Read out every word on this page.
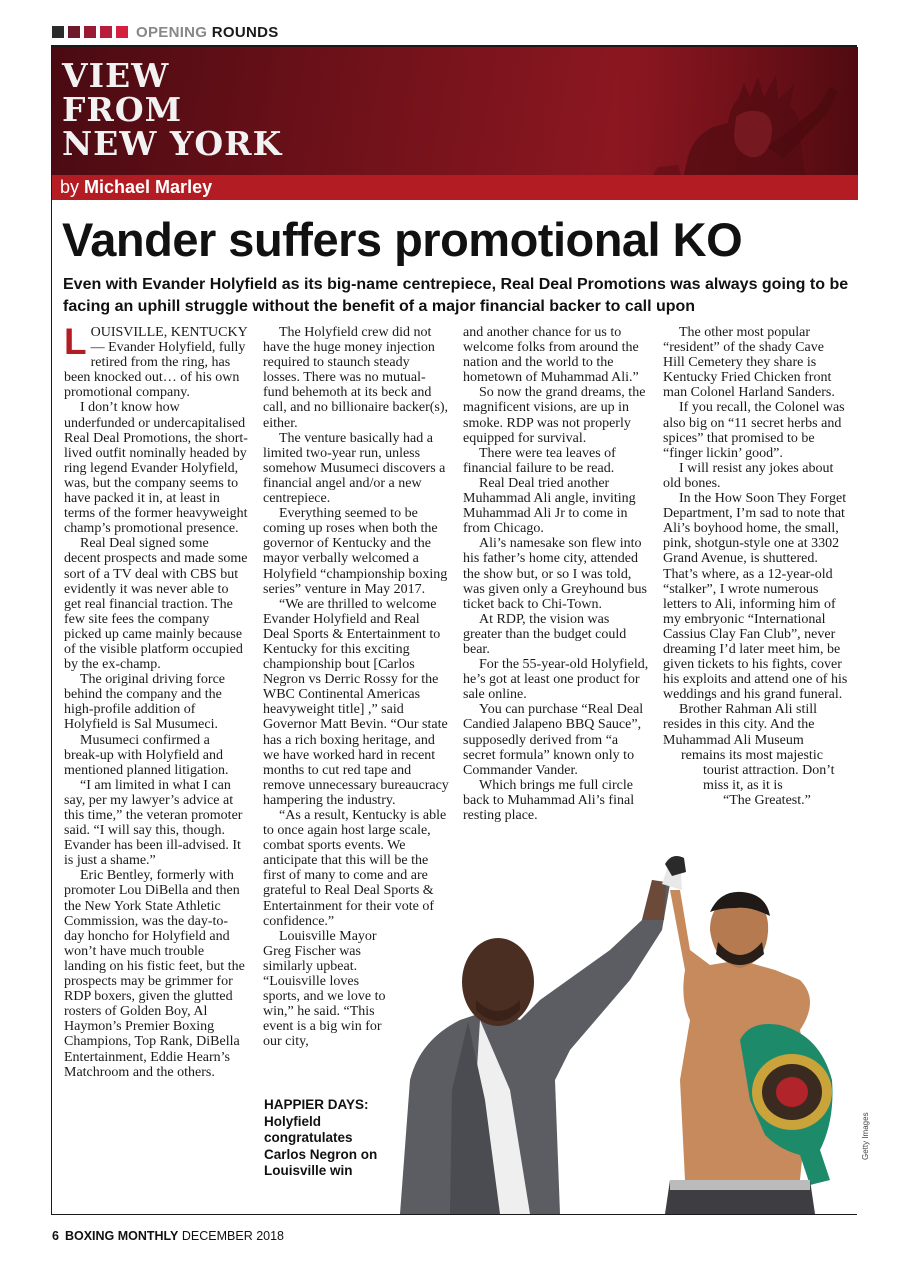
OPENING ROUNDS
VIEW
FROM
NEW YORK
by Michael Marley
Vander suffers promotional KO

Even with Evander Holyfield as its big-name centrepiece, Real Deal Promotions was always going to be facing an uphill struggle without the benefit of a major financial backer to call upon

LOUISVILLE, KENTUCKY — Evander Holyfield, fully retired from the ring, has been knocked out… of his own promotional company.

I don’t know how underfunded or undercapitalised Real Deal Promotions, the short-lived outfit nominally headed by ring legend Evander Holyfield, was, but the company seems to have packed it in, at least in terms of the former heavyweight champ’s promotional presence.

Real Deal signed some decent prospects and made some sort of a TV deal with CBS but evidently it was never able to get real financial traction. The few site fees the company picked up came mainly because of the visible platform occupied by the ex-champ.

The original driving force behind the company and the high-profile addition of Holyfield is Sal Musumeci.

Musumeci confirmed a break-up with Holyfield and mentioned planned litigation.

“I am limited in what I can say, per my lawyer’s advice at this time,” the veteran promoter said. “I will say this, though. Evander has been ill-advised. It is just a shame.”

Eric Bentley, formerly with promoter Lou DiBella and then the New York State Athletic Commission, was the day-to-day honcho for Holyfield and won’t have much trouble landing on his fistic feet, but the prospects may be grimmer for RDP boxers, given the glutted rosters of Golden Boy, Al Haymon’s Premier Boxing Champions, Top Rank, DiBella Entertainment, Eddie Hearn’s Matchroom and the others.

The Holyfield crew did not have the huge money injection required to staunch steady losses. There was no mutual-fund behemoth at its beck and call, and no billionaire backer(s), either.

The venture basically had a limited two-year run, unless somehow Musumeci discovers a financial angel and/or a new centrepiece.

Everything seemed to be coming up roses when both the governor of Kentucky and the mayor verbally welcomed a Holyfield “championship boxing series” venture in May 2017.

“We are thrilled to welcome Evander Holyfield and Real Deal Sports & Entertainment to Kentucky for this exciting championship bout [Carlos Negron vs Derric Rossy for the WBC Continental Americas heavyweight title] ,” said Governor Matt Bevin. “Our state has a rich boxing heritage, and we have worked hard in recent months to cut red tape and remove unnecessary bureaucracy hampering the industry.

“As a result, Kentucky is able to once again host large scale, combat sports events. We anticipate that this will be the first of many to come and are grateful to Real Deal Sports & Entertainment for their vote of confidence.”

Louisville Mayor Greg Fischer was similarly upbeat. “Louisville loves sports, and we love to win,” he said. “This event is a big win for our city,

and another chance for us to welcome folks from around the nation and the world to the hometown of Muhammad Ali.”

So now the grand dreams, the magnificent visions, are up in smoke. RDP was not properly equipped for survival.

There were tea leaves of financial failure to be read.

Real Deal tried another Muhammad Ali angle, inviting Muhammad Ali Jr to come in from Chicago.

Ali’s namesake son flew into his father’s home city, attended the show but, or so I was told, was given only a Greyhound bus ticket back to Chi-Town.

At RDP, the vision was greater than the budget could bear.

For the 55-year-old Holyfield, he’s got at least one product for sale online.

You can purchase “Real Deal Candied Jalapeno BBQ Sauce”, supposedly derived from “a secret formula” known only to Commander Vander.

Which brings me full circle back to Muhammad Ali’s final resting place.

The other most popular “resident” of the shady Cave Hill Cemetery they share is Kentucky Fried Chicken front man Colonel Harland Sanders.

If you recall, the Colonel was also big on “11 secret herbs and spices” that promised to be “finger lickin’ good”.

I will resist any jokes about old bones.

In the How Soon They Forget Department, I’m sad to note that Ali’s boyhood home, the small, pink, shotgun-style one at 3302 Grand Avenue, is shuttered. That’s where, as a 12-year-old “stalker”, I wrote numerous letters to Ali, informing him of my embryonic “International Cassius Clay Fan Club”, never dreaming I’d later meet him, be given tickets to his fights, cover his exploits and attend one of his weddings and his grand funeral.

Brother Rahman Ali still resides in this city. And the Muhammad Ali Museum

remains its most majestic

tourist attraction. Don’t

miss it, as it is

“The Greatest.”

HAPPIER DAYS:
Holyfield
congratulates
Carlos Negron on
Louisville win
Getty Images
6 BOXING MONTHLY DECEMBER 2018
